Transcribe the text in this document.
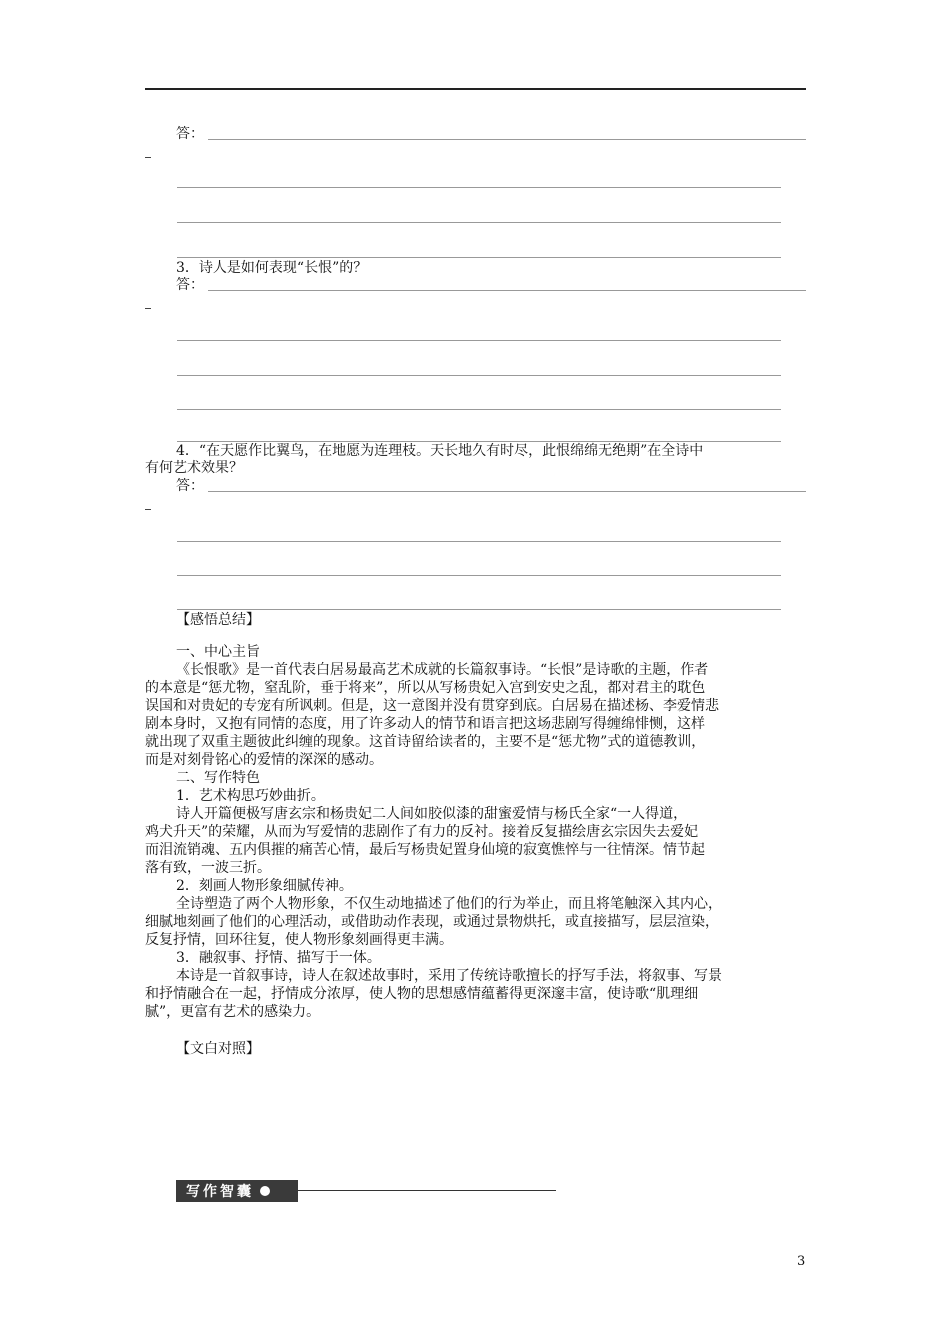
答：
3．诗人是如何表现“长恨”的？
答：
4．“在天愿作比翼鸟，在地愿为连理枝。天长地久有时尽，此恨绵绵无绝期”在全诗中
有何艺术效果？
答：
【感悟总结】
一、中心主旨
《长恨歌》是一首代表白居易最高艺术成就的长篇叙事诗。“长恨”是诗歌的主题，作者
的本意是“惩尤物，窒乱阶，垂于将来”，所以从写杨贵妃入宫到安史之乱，都对君主的耽色
误国和对贵妃的专宠有所讽刺。但是，这一意图并没有贯穿到底。白居易在描述杨、李爱情悲
剧本身时，又抱有同情的态度，用了许多动人的情节和语言把这场悲剧写得缠绵悱恻，这样
就出现了双重主题彼此纠缠的现象。这首诗留给读者的，主要不是“惩尤物”式的道德教训，
而是对刻骨铭心的爱情的深深的感动。
二、写作特色
1．艺术构思巧妙曲折。
诗人开篇便极写唐玄宗和杨贵妃二人间如胶似漆的甜蜜爱情与杨氏全家“一人得道，
鸡犬升天”的荣耀，从而为写爱情的悲剧作了有力的反衬。接着反复描绘唐玄宗因失去爱妃
而泪流销魂、五内俱摧的痛苦心情，最后写杨贵妃置身仙境的寂寞憔悴与一往情深。情节起
落有致，一波三折。
2．刻画人物形象细腻传神。
全诗塑造了两个人物形象，不仅生动地描述了他们的行为举止，而且将笔触深入其内心，
细腻地刻画了他们的心理活动，或借助动作表现，或通过景物烘托，或直接描写，层层渲染，
反复抒情，回环往复，使人物形象刻画得更丰满。
3．融叙事、抒情、描写于一体。
本诗是一首叙事诗，诗人在叙述故事时，采用了传统诗歌擅长的抒写手法，将叙事、写景
和抒情融合在一起，抒情成分浓厚，使人物的思想感情蕴蓄得更深邃丰富，使诗歌“肌理细
腻”，更富有艺术的感染力。
【文白对照】
写作智囊
3
